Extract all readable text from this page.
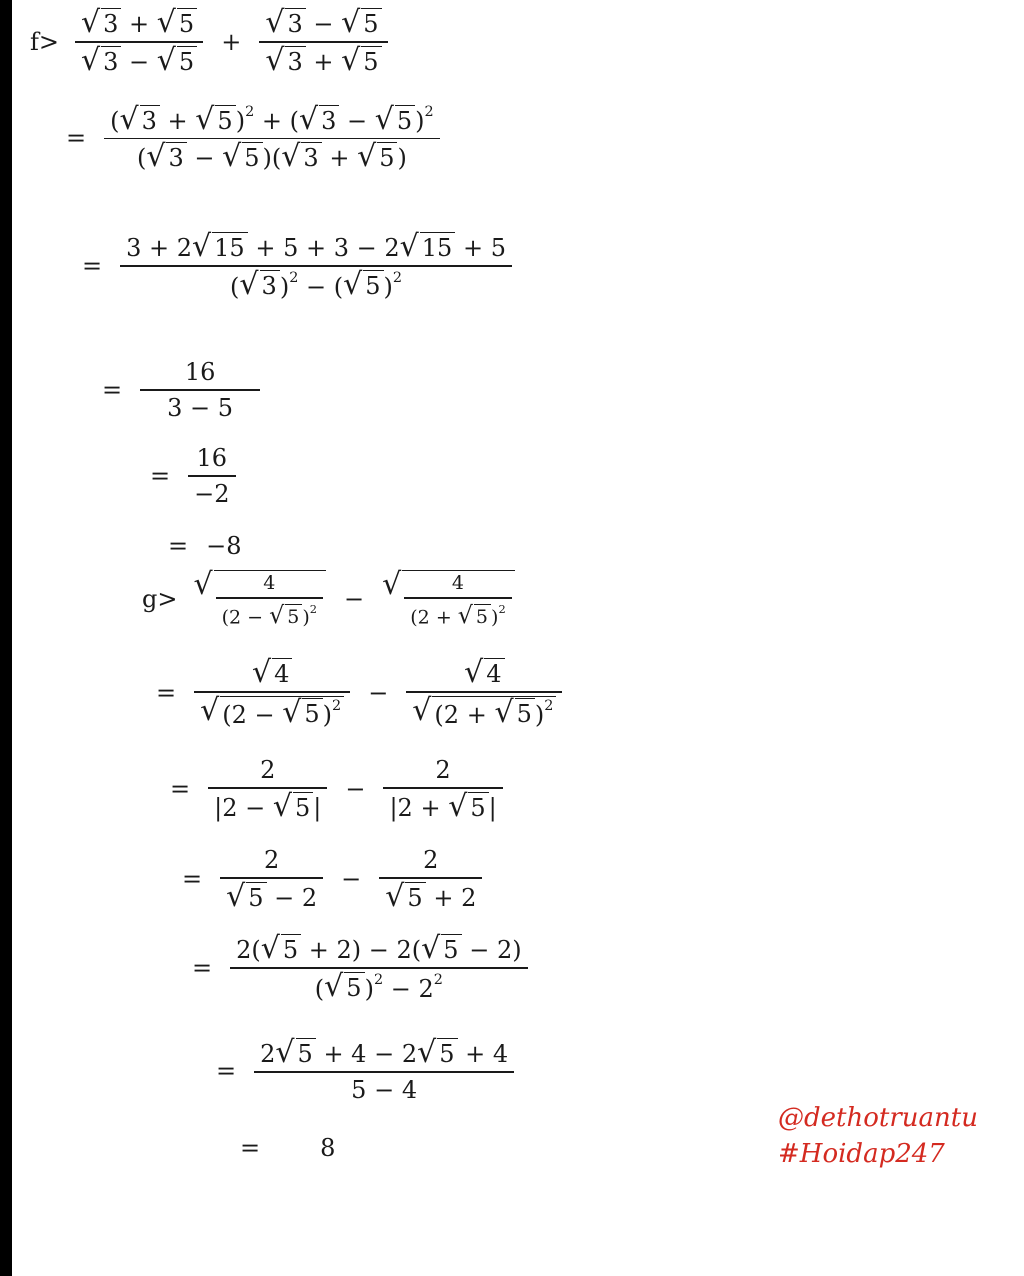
$f> \frac{√ 3 + √ 5}{√ 3 - √ 5} + \frac{√ 3 - √ 5}{√ 3 + √ 5}$
= $\frac{( √ 3 + √ 5 )^2 + ( √ 3 - √ 5 )^2}{( √ 3 - √ 5 )( √ 3 + √ 5 )}$
= $\frac{3 + 2 √ 15 + 5 + 3 - 2 √ 15 + 5}{( √ 3 )^2 - ( √ 5 )^2}$
= $\frac{16}{3 - 5}$
= $\frac{16}{-2}$
= −8
g> √ $\frac{4}{(2 - √ 5 )^2}$ − √ $\frac{4}{(2 + √ 5 )^2}$
= $\frac{√ 4}{√ (2 - √ 5 )^2} - \frac{√ 4}{√ (2 + √ 5 )^2}$
= $\frac{2}{|2 - √ 5 |} - \frac{2}{|2 + √ 5 |}$
= $\frac{2}{√ 5 - 2} - \frac{2}{√ 5 + 2}$
= $\frac{2( √ 5 + 2) - 2( √ 5 - 2)}{( √ 5 )^2 - 2^2}$
= $\frac{2 √ 5 + 4 - 2 √ 5 + 4}{5 - 4}$
=	8
@dethotruantu
#Hoidap247
